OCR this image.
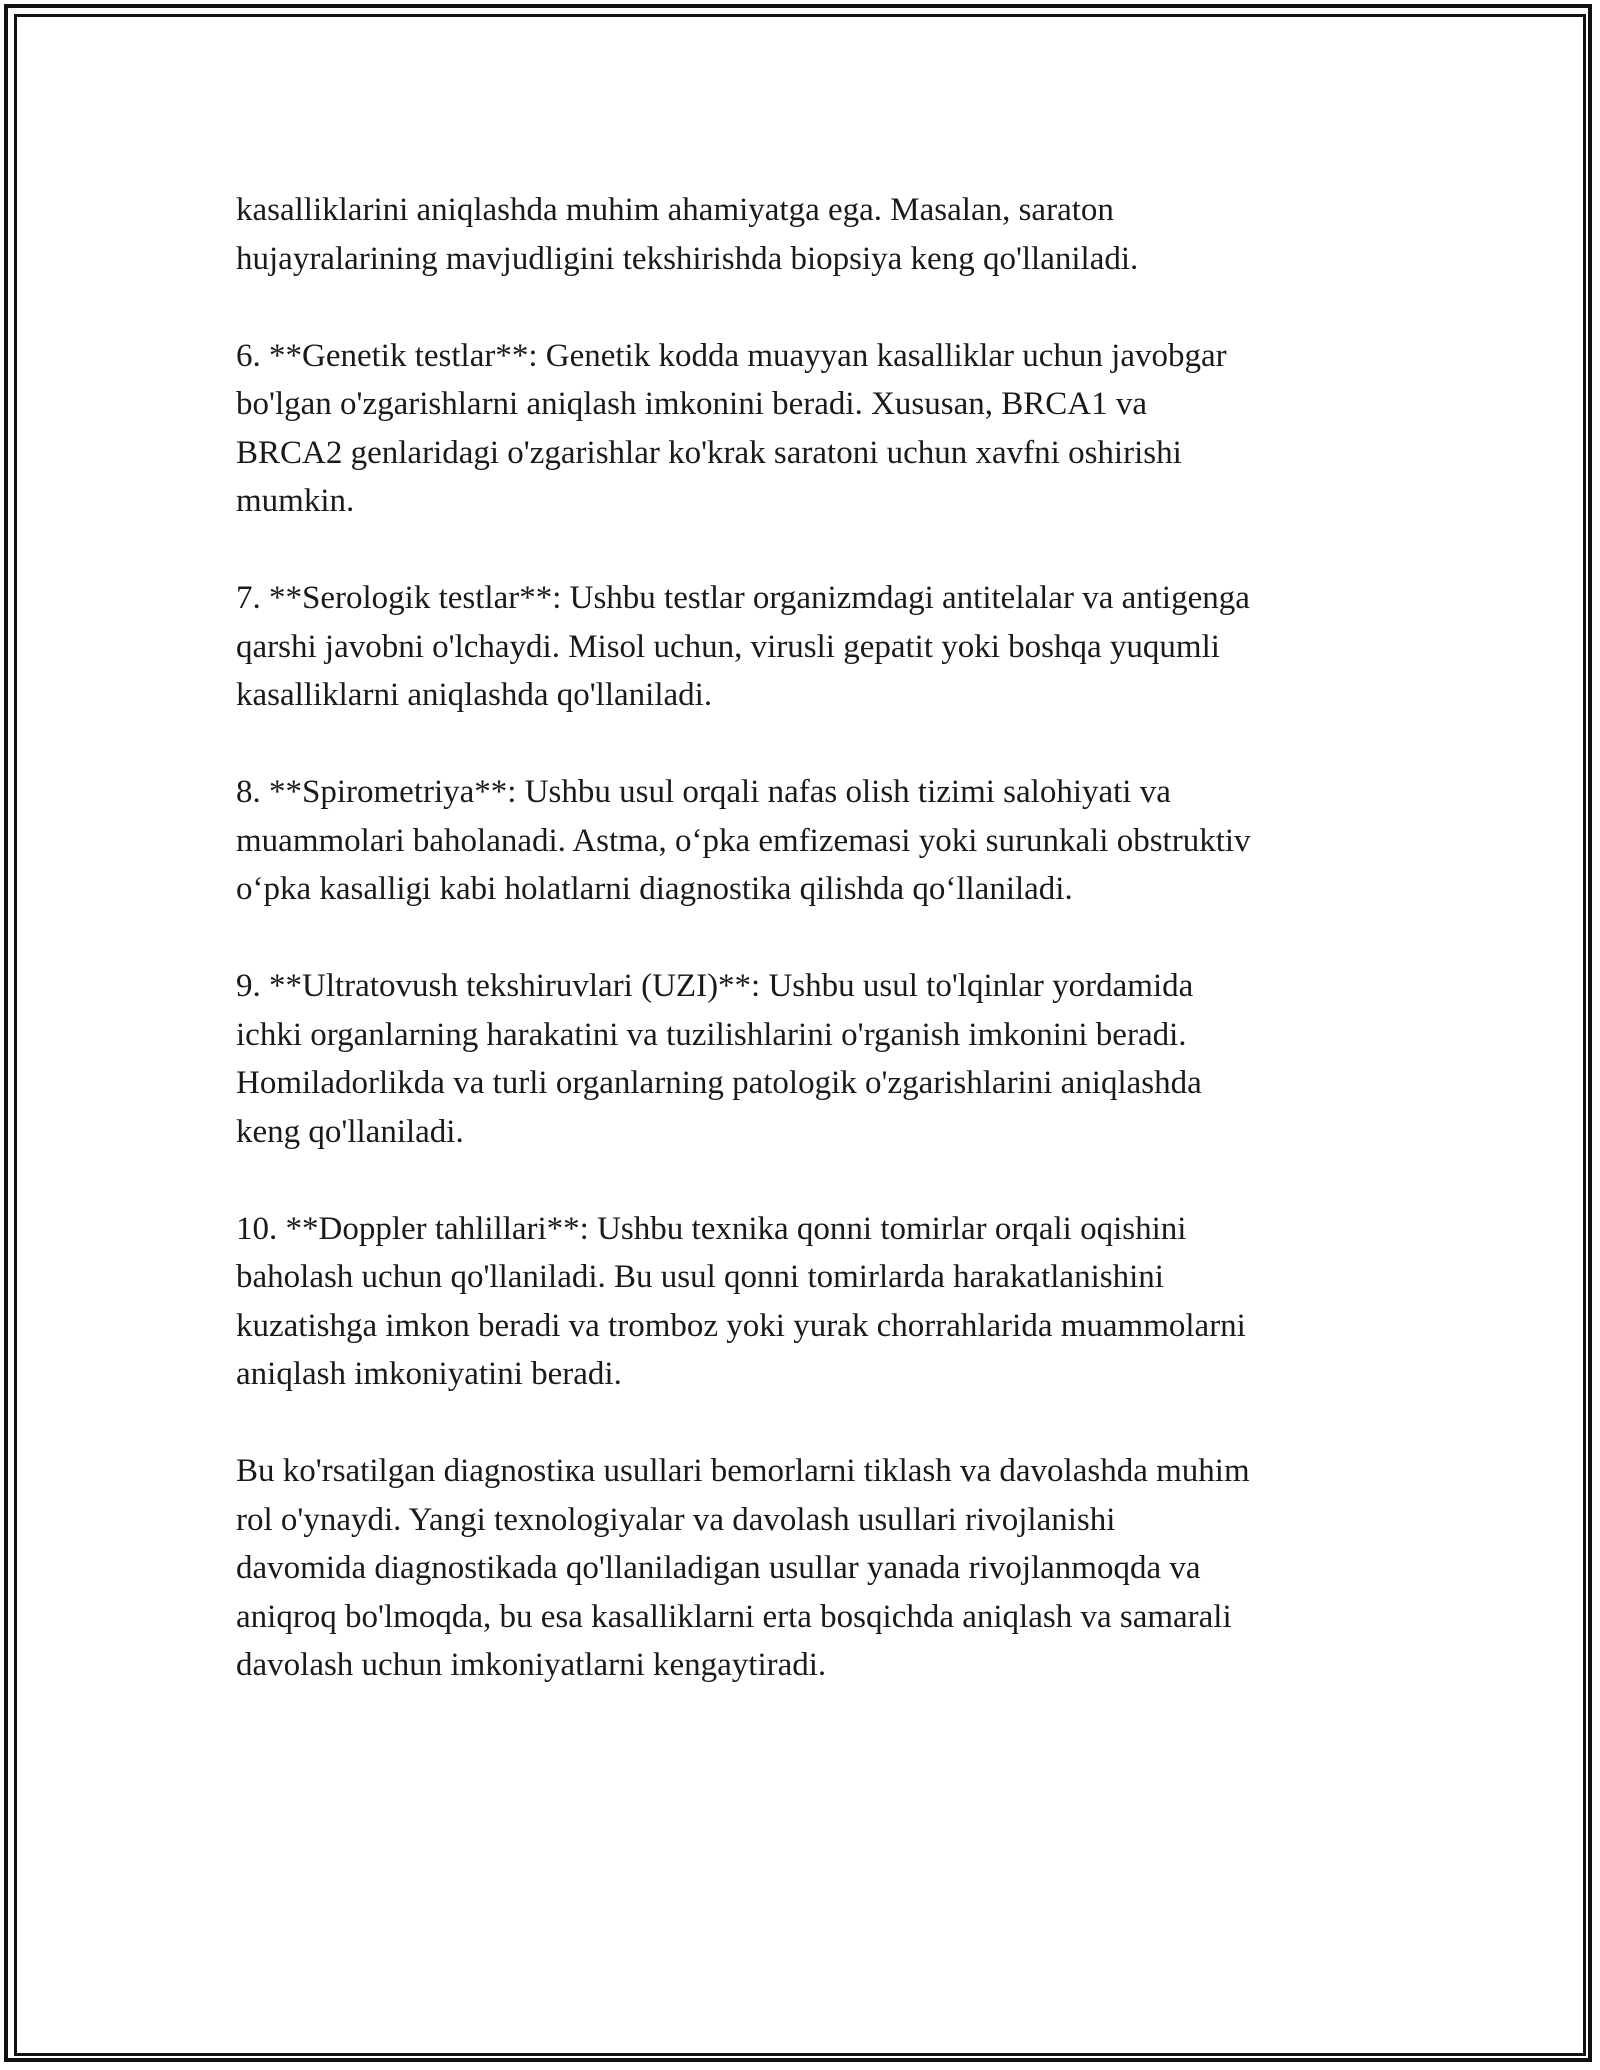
kasalliklarini aniqlashda muhim ahamiyatga ega. Masalan, saraton
hujayralarining mavjudligini tekshirishda biopsiya keng qo'llaniladi.

6. **Genetik testlar**: Genetik kodda muayyan kasalliklar uchun javobgar
bo'lgan o'zgarishlarni aniqlash imkonini beradi. Xususan, BRCA1 va
BRCA2 genlaridagi o'zgarishlar ko'krak saratoni uchun xavfni oshirishi
mumkin.

7. **Serologik testlar**: Ushbu testlar organizmdagi antitelalar va antigenga
qarshi javobni o'lchaydi. Misol uchun, virusli gepatit yoki boshqa yuqumli
kasalliklarni aniqlashda qo'llaniladi.

8. **Spirometriya**: Ushbu usul orqali nafas olish tizimi salohiyati va
muammolari baholanadi. Astma, o‘pka emfizemasi yoki surunkali obstruktiv
o‘pka kasalligi kabi holatlarni diagnostika qilishda qo‘llaniladi.

9. **Ultratovush tekshiruvlari (UZI)**: Ushbu usul to'lqinlar yordamida
ichki organlarning harakatini va tuzilishlarini o'rganish imkonini beradi.
Homiladorlikda va turli organlarning patologik o'zgarishlarini aniqlashda
keng qo'llaniladi.

10. **Doppler tahlillari**: Ushbu texnika qonni tomirlar orqali oqishini
baholash uchun qo'llaniladi. Bu usul qonni tomirlarda harakatlanishini
kuzatishga imkon beradi va tromboz yoki yurak chorrahlarida muammolarni
aniqlash imkoniyatini beradi.

Bu ko'rsatilgan diagnostiкa usullari bemorlarni tiklash va davolashda muhim
rol o'ynaydi. Yangi texnologiyalar va davolash usullari rivojlanishi
davomida diagnostikada qo'llaniladigan usullar yanada rivojlanmoqda va
aniqroq bo'lmoqda, bu esa kasalliklarni erta bosqichda aniqlash va samarali
davolash uchun imkoniyatlarni kengaytiradi.
